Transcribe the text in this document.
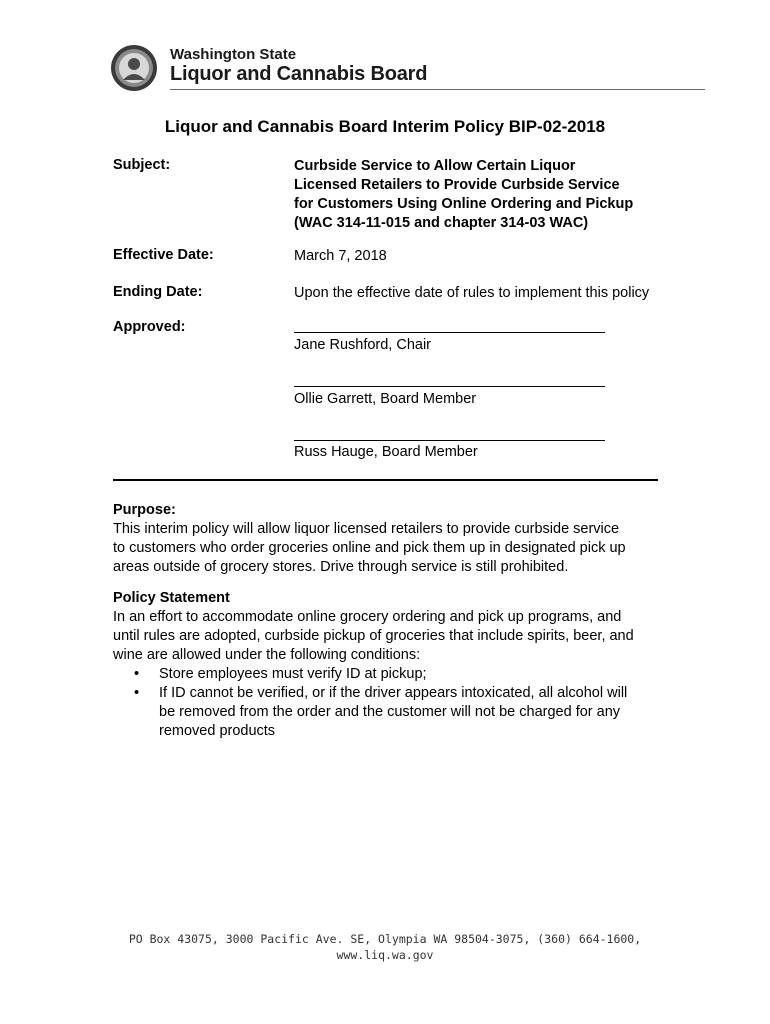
Washington State
Liquor and Cannabis Board
Liquor and Cannabis Board Interim Policy BIP-02-2018
Subject:	Curbside Service to Allow Certain Liquor
Licensed Retailers to Provide Curbside Service
for Customers Using Online Ordering and Pickup
(WAC 314-11-015 and chapter 314-03 WAC)
Effective Date:	March 7, 2018
Ending Date:	Upon the effective date of rules to implement this policy
Approved:
Jane Rushford, Chair
Ollie Garrett, Board Member
Russ Hauge, Board Member
Purpose:
This interim policy will allow liquor licensed retailers to provide curbside service
to customers who order groceries online and pick them up in designated pick up
areas outside of grocery stores. Drive through service is still prohibited.
Policy Statement
In an effort to accommodate online grocery ordering and pick up programs, and
until rules are adopted, curbside pickup of groceries that include spirits, beer, and
wine are allowed under the following conditions:
• Store employees must verify ID at pickup;
• If ID cannot be verified, or if the driver appears intoxicated, all alcohol will
be removed from the order and the customer will not be charged for any
removed products
PO Box 43075, 3000 Pacific Ave. SE, Olympia WA 98504-3075, (360) 664-1600,
www.liq.wa.gov
